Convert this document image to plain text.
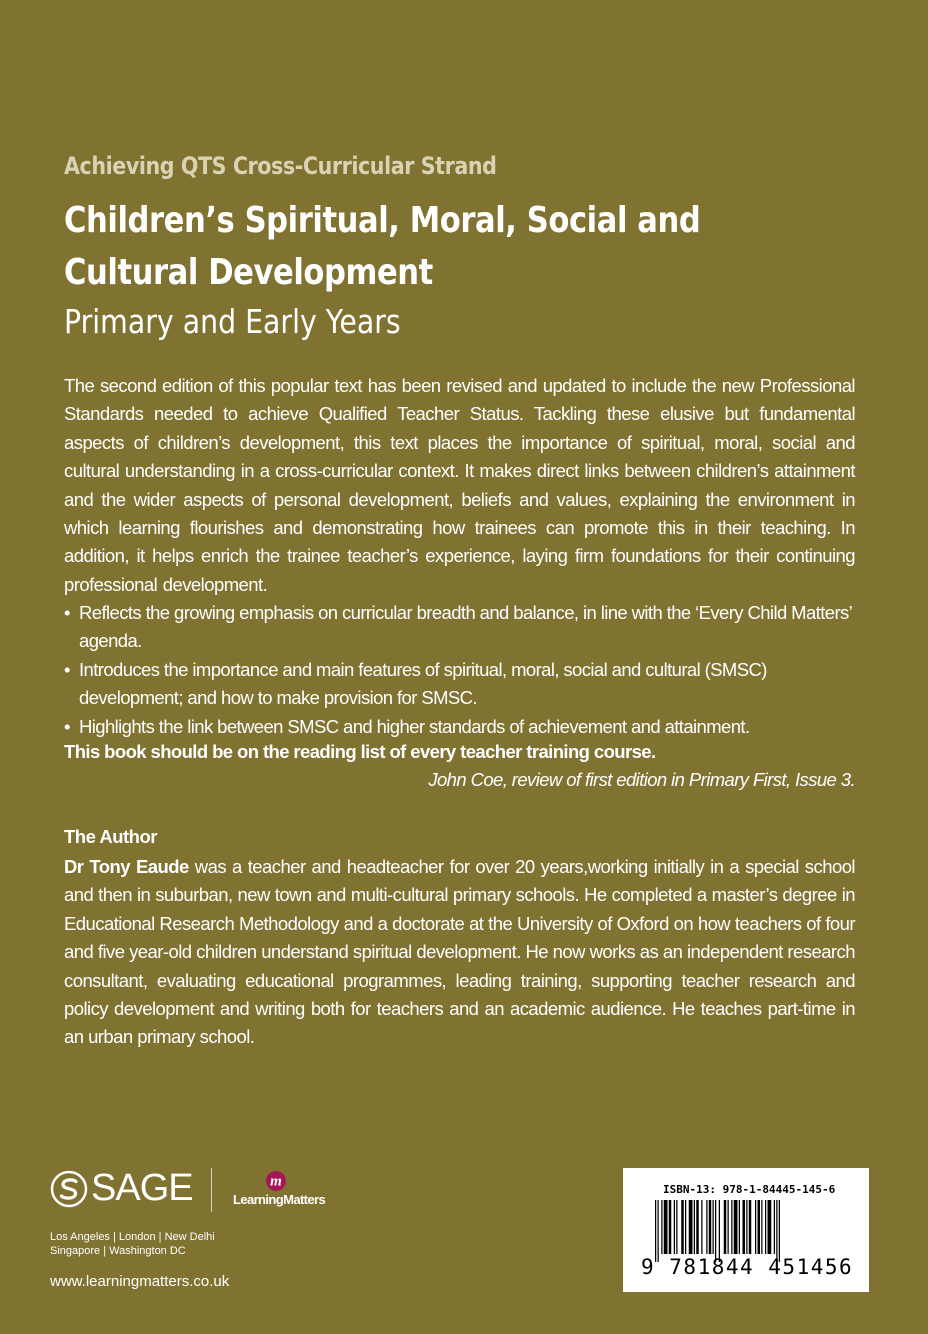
Achieving QTS Cross-Curricular Strand
Children’s Spiritual, Moral, Social and Cultural Development
Primary and Early Years
The second edition of this popular text has been revised and updated to include the new Professional Standards needed to achieve Qualified Teacher Status. Tackling these elusive but fundamental aspects of children’s development, this text places the importance of spiritual, moral, social and cultural understanding in a cross-curricular context. It makes direct links between children’s attainment and the wider aspects of personal development, beliefs and values, explaining the environment in which learning flourishes and demonstrating how trainees can promote this in their teaching. In addition, it helps enrich the trainee teacher’s experience, laying firm foundations for their continuing professional development.
• Reflects the growing emphasis on curricular breadth and balance, in line with the ‘Every Child Matters’ agenda.
• Introduces the importance and main features of spiritual, moral, social and cultural (SMSC) development; and how to make provision for SMSC.
• Highlights the link between SMSC and higher standards of achievement and attainment.
This book should be on the reading list of every teacher training course.
John Coe, review of first edition in Primary First, Issue 3.
The Author
Dr Tony Eaude was a teacher and headteacher for over 20 years,working initially in a special school and then in suburban, new town and multi-cultural primary schools. He completed a master’s degree in Educational Research Methodology and a doctorate at the University of Oxford on how teachers of four and five year-old children understand spiritual development. He now works as an independent research consultant, evaluating educational programmes, leading training, supporting teacher research and policy development and writing both for teachers and an academic audience. He teaches part-time in an urban primary school.
SAGE	m
LearningMatters
Los Angeles | London | New Delhi
Singapore | Washington DC
www.learningmatters.co.uk
ISBN-13: 978-1-84445-145-6
9 781844 451456
